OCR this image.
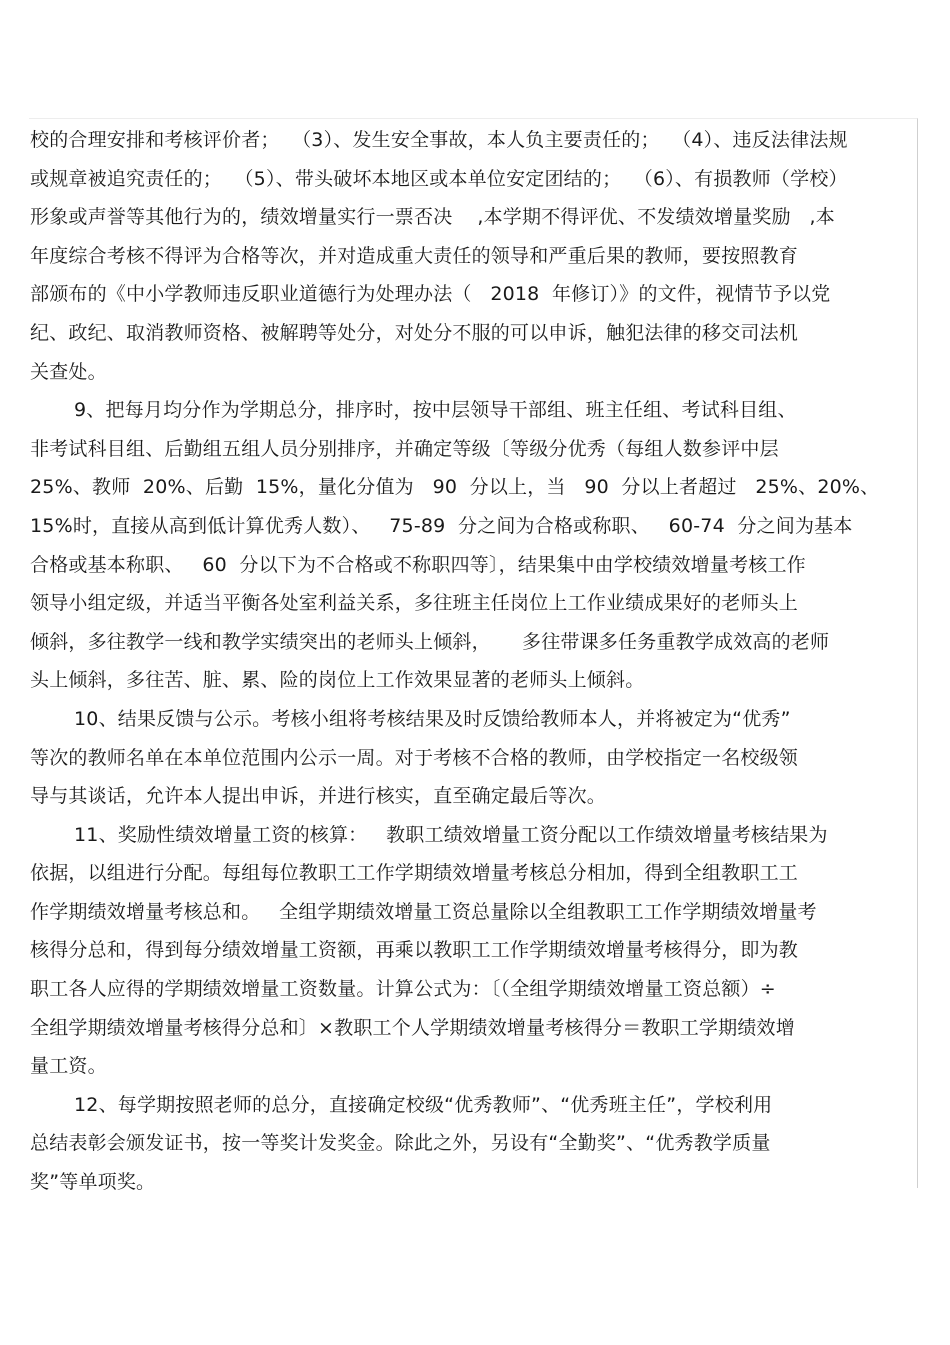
校的合理安排和考核评价者；  （3）、发生安全事故，本人负主要责任的；  （4）、违反法律法规
或规章被追究责任的；  （5）、带头破坏本地区或本单位安定团结的；  （6）、有损教师（学校）
形象或声誉等其他行为的，绩效增量实行一票否决    ,本学期不得评优、不发绩效增量奖励   ,本
年度综合考核不得评为合格等次，并对造成重大责任的领导和严重后果的教师，要按照教育
部颁布的《中小学教师违反职业道德行为处理办法（   2018  年修订）》的文件，视情节予以党
纪、政纪、取消教师资格、被解聘等处分，对处分不服的可以申诉，触犯法律的移交司法机
关查处。
9、把每月均分作为学期总分，排序时，按中层领导干部组、班主任组、考试科目组、
非考试科目组、后勤组五组人员分别排序，并确定等级〔等级分优秀（每组人数参评中层
25%、教师  20%、后勤  15%，量化分值为   90  分以上，当   90  分以上者超过   25%、20%、
15%时，直接从高到低计算优秀人数）、   75-89  分之间为合格或称职、   60-74  分之间为基本
合格或基本称职、   60  分以下为不合格或不称职四等〕，结果集中由学校绩效增量考核工作
领导小组定级，并适当平衡各处室利益关系，多往班主任岗位上工作业绩成果好的老师头上
倾斜，多往教学一线和教学实绩突出的老师头上倾斜，     多往带课多任务重教学成效高的老师
头上倾斜，多往苦、脏、累、险的岗位上工作效果显著的老师头上倾斜。
10、结果反馈与公示。考核小组将考核结果及时反馈给教师本人，并将被定为“优秀”
等次的教师名单在本单位范围内公示一周。对于考核不合格的教师，由学校指定一名校级领
导与其谈话，允许本人提出申诉，并进行核实，直至确定最后等次。
11、奖励性绩效增量工资的核算：   教职工绩效增量工资分配以工作绩效增量考核结果为
依据，以组进行分配。每组每位教职工工作学期绩效增量考核总分相加，得到全组教职工工
作学期绩效增量考核总和。   全组学期绩效增量工资总量除以全组教职工工作学期绩效增量考
核得分总和，得到每分绩效增量工资额，再乘以教职工工作学期绩效增量考核得分，即为教
职工各人应得的学期绩效增量工资数量。计算公式为：〔（全组学期绩效增量工资总额）÷
全组学期绩效增量考核得分总和〕×教职工个人学期绩效增量考核得分＝教职工学期绩效增
量工资。
12、每学期按照老师的总分，直接确定校级“优秀教师”、“优秀班主任”，学校利用
总结表彰会颁发证书，按一等奖计发奖金。除此之外，另设有“全勤奖”、“优秀教学质量
奖”等单项奖。
